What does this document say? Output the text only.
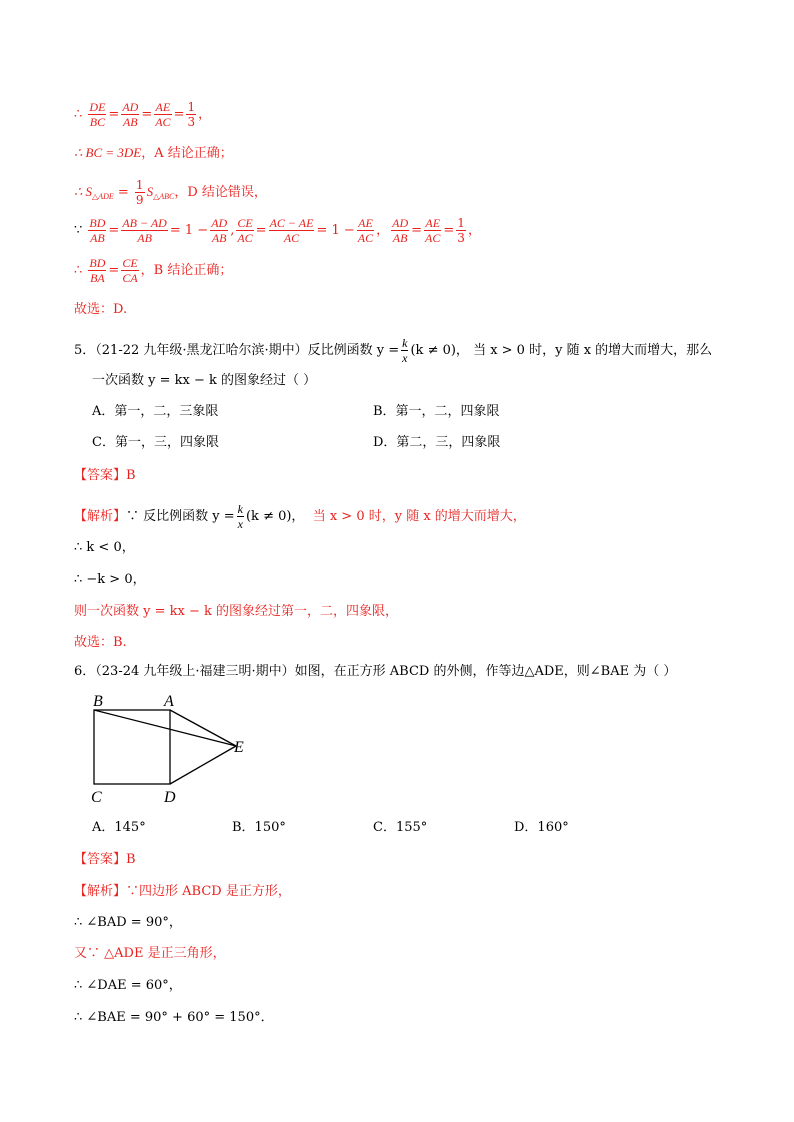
∴ $\frac{DE}{BC} = \frac{AD}{AB} = \frac{AE}{AC} = \frac{1}{3}$ ，
∴ BC = 3DE，A 结论正确；
∴ $S_{\triangle ADE} = \frac{1}{9} S_{\triangle ABC}$，D 结论错误，
∵ $\frac{BD}{AB} = \frac{AB - AD}{AB} = 1 - \frac{AD}{AB}$ , $\frac{CE}{AC} = \frac{AC - AE}{AC} = 1 - \frac{AE}{AC}$ ， $\frac{AD}{AB} = \frac{AE}{AC} = \frac{1}{3}$ ，
∴ $\frac{BD}{BA} = \frac{CE}{CA}$ ，B 结论正确；
故选：D.
5．（21-22 九年级·黑龙江哈尔滨·期中）反比例函数 $y = \frac{k}{x} (k \ne 0)$， 当 x > 0 时，y 随 x 的增大而增大，那么
一次函数 y = kx − k 的图象经过（ ）
A．第一，二，三象限	B．第一，二，四象限
C．第一，三，四象限	D．第二，三，四象限
【答案】B
【解析】∵ 反比例函数 $y = \frac{k}{x} (k \ne 0)$， 当 x > 0 时，y 随 x 的增大而增大，
∴ k < 0，
∴ −k > 0，
则一次函数 y = kx − k 的图象经过第一，二，四象限，
故选：B.
6．（23-24 九年级上·福建三明·期中）如图，在正方形 ABCD 的外侧，作等边△ADE，则∠BAE 为（ ）
B	A
E
C	D
A．145°	B．150°	C．155°	D．160°
【答案】B
【解析】∵四边形 ABCD 是正方形，
∴ ∠BAD = 90°，
又∵ △ADE 是正三角形，
∴ ∠DAE = 60°，
∴ ∠BAE = 90° + 60° = 150°．
